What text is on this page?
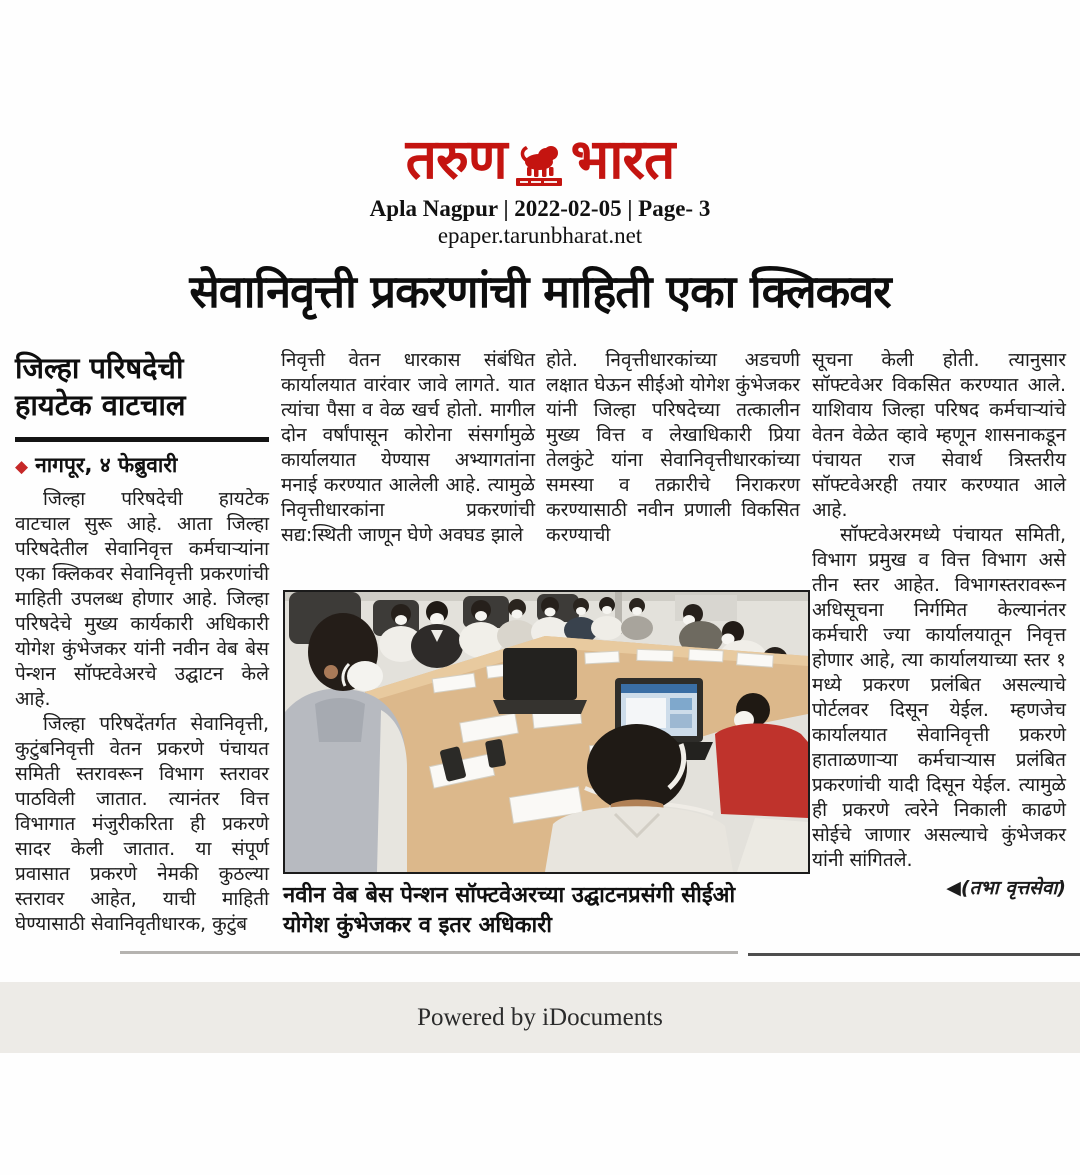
तरुण भारत
Apla Nagpur | 2022-02-05 | Page- 3
epaper.tarunbharat.net
सेवानिवृत्ती प्रकरणांची माहिती एका क्लिकवर
जिल्हा परिषदेची
हायटेक वाटचाल
◆ नागपूर, ४ फेब्रुवारी

जिल्हा परिषदेची हायटेक वाटचाल सुरू आहे. आता जिल्हा परिषदेतील सेवानिवृत्त कर्मचाऱ्यांना एका क्लिकवर सेवानिवृत्ती प्रकरणांची माहिती उपलब्ध होणार आहे. जिल्हा परिषदेचे मुख्य कार्यकारी अधिकारी योगेश कुंभेजकर यांनी नवीन वेब बेस पेन्शन सॉफ्टवेअरचे उद्घाटन केले आहे.

जिल्हा परिषदेंतर्गत सेवानिवृत्ती, कुटुंबनिवृत्ती वेतन प्रकरणे पंचायत समिती स्तरावरून विभाग स्तरावर पाठविली जातात. त्यानंतर वित्त विभागात मंजुरीकरिता ही प्रकरणे सादर केली जातात. या संपूर्ण प्रवासात प्रकरणे नेमकी कुठल्या स्तरावर आहेत, याची माहिती घेण्यासाठी सेवानिवृतीधारक, कुटुंब

निवृत्ती वेतन धारकास संबंधित कार्यालयात वारंवार जावे लागते. यात त्यांचा पैसा व वेळ खर्च होतो. मागील दोन वर्षांपासून कोरोना संसर्गामुळे कार्यालयात येण्यास अभ्यागतांना मनाई करण्यात आलेली आहे. त्यामुळे निवृत्तीधारकांना प्रकरणांची सद्य:स्थिती जाणून घेणे अवघड झाले

होते. निवृत्तीधारकांच्या अडचणी लक्षात घेऊन सीईओ योगेश कुंभेजकर यांनी जिल्हा परिषदेच्या तत्कालीन मुख्य वित्त व लेखाधिकारी प्रिया तेलकुंटे यांना सेवानिवृत्तीधारकांच्या समस्या व तक्रारीचे निराकरण करण्यासाठी नवीन प्रणाली विकसित करण्याची

सूचना केली होती. त्यानुसार सॉफ्टवेअर विकसित करण्यात आले. याशिवाय जिल्हा परिषद कर्मचाऱ्यांचे वेतन वेळेत व्हावे म्हणून शासनाकडून पंचायत राज सेवार्थ त्रिस्तरीय सॉफ्टवेअरही तयार करण्यात आले आहे.

सॉफ्टवेअरमध्ये पंचायत समिती, विभाग प्रमुख व वित्त विभाग असे तीन स्तर आहेत. विभागस्तरावरून अधिसूचना निर्गमित केल्यानंतर कर्मचारी ज्या कार्यालयातून निवृत्त होणार आहे, त्या कार्यालयाच्या स्तर १ मध्ये प्रकरण प्रलंबित असल्याचे पोर्टलवर दिसून येईल. म्हणजेच कार्यालयात सेवानिवृत्ती प्रकरणे हाताळणाऱ्या कर्मचाऱ्यास प्रलंबित प्रकरणांची यादी दिसून येईल. त्यामुळे ही प्रकरणे त्वरेने निकाली काढणे सोईचे जाणार असल्याचे कुंभेजकर यांनी सांगितले.

◀(तभा वृत्तसेवा)
नवीन वेब बेस पेन्शन सॉफ्टवेअरच्या उद्घाटनप्रसंगी सीईओ योगेश कुंभेजकर व इतर अधिकारी
Powered by iDocuments
